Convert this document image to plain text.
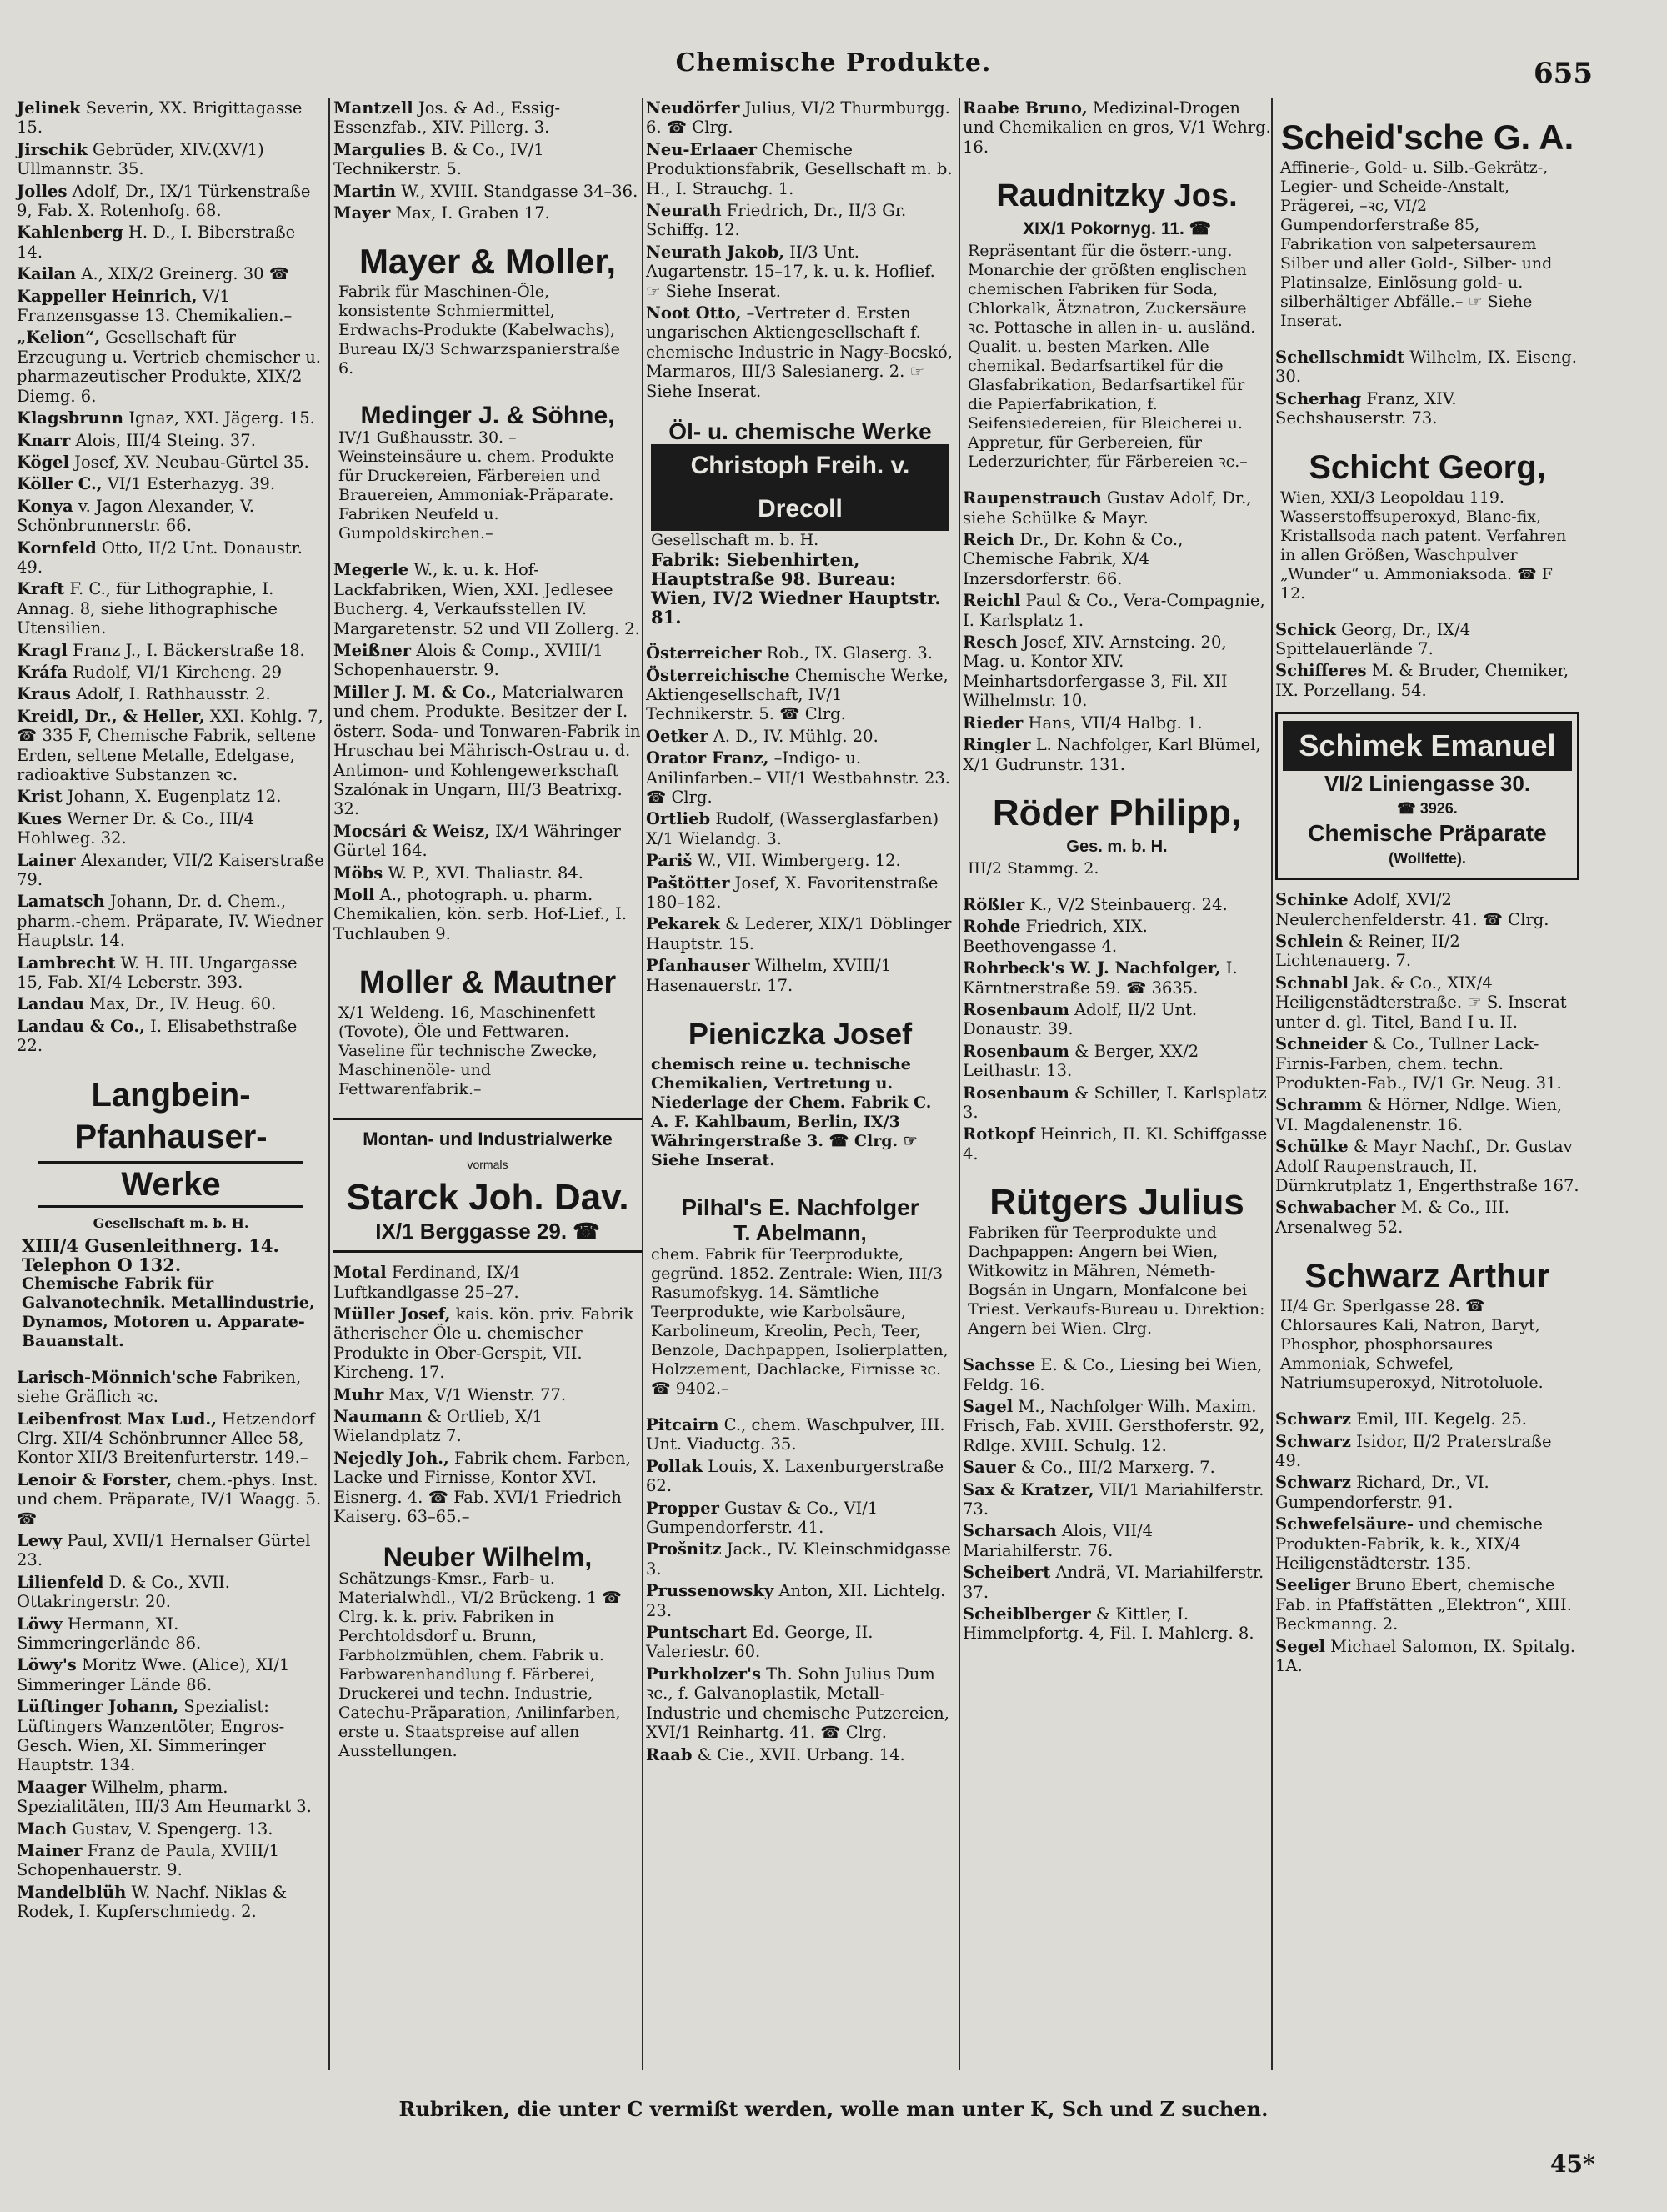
Chemische Produkte.	655
Jelinek Severin, XX. Brigittagasse 15.
Jirschik Gebrüder, XIV.(XV/1) Ullmannstr. 35.
Jolles Adolf, Dr., IX/1 Türkenstraße 9, Fab. X. Rotenhofg. 68.
Kahlenberg H. D., I. Biberstraße 14.
Kailan A., XIX/2 Greinerg. 30 ☎
Kappeller Heinrich, V/1 Franzensgasse 13. Chemikalien.–
„Kelion“, Gesellschaft für Erzeugung u. Vertrieb chemischer u. pharmazeutischer Produkte, XIX/2 Diemg. 6.
Klagsbrunn Ignaz, XXI. Jägerg. 15.
Knarr Alois, III/4 Steing. 37.
Kögel Josef, XV. Neubau-Gürtel 35.
Köller C., VI/1 Esterhazyg. 39.
Konya v. Jagon Alexander, V. Schönbrunnerstr. 66.
Kornfeld Otto, II/2 Unt. Donaustr. 49.
Kraft F. C., für Lithographie, I. Annag. 8, siehe lithographische Utensilien.
Kragl Franz J., I. Bäckerstraße 18.
Kráfa Rudolf, VI/1 Kircheng. 29
Kraus Adolf, I. Rathhausstr. 2.
Kreidl, Dr., & Heller, XXI. Kohlg. 7, ☎ 335 F, Chemische Fabrik, seltene Erden, seltene Metalle, Edelgase, radioaktive Substanzen ꝛc.
Krist Johann, X. Eugenplatz 12.
Kues Werner Dr. & Co., III/4 Hohlweg. 32.
Lainer Alexander, VII/2 Kaiserstraße 79.
Lamatsch Johann, Dr. d. Chem., pharm.-chem. Präparate, IV. Wiedner Hauptstr. 14.
Lambrecht W. H. III. Ungargasse 15, Fab. XI/4 Leberstr. 393.
Landau Max, Dr., IV. Heug. 60.
Landau & Co., I. Elisabethstraße 22.
Langbein-Pfanhauser-
Werke
Gesellschaft m. b. H.
XIII/4 Gusenleithnerg. 14. Telephon O 132.
Chemische Fabrik für Galvanotechnik. Metallindustrie, Dynamos, Motoren u. Apparate-Bauanstalt.
Larisch-Mönnich'sche Fabriken, siehe Gräflich ꝛc.
Leibenfrost Max Lud., Hetzendorf Clrg. XII/4 Schönbrunner Allee 58, Kontor XII/3 Breitenfurterstr. 149.–
Lenoir & Forster, chem.-phys. Inst. und chem. Präparate, IV/1 Waagg. 5. ☎
Lewy Paul, XVII/1 Hernalser Gürtel 23.
Lilienfeld D. & Co., XVII. Ottakringerstr. 20.
Löwy Hermann, XI. Simmeringerlände 86.
Löwy's Moritz Wwe. (Alice), XI/1 Simmeringer Lände 86.
Lüftinger Johann, Spezialist: Lüftingers Wanzentöter, Engros-Gesch. Wien, XI. Simmeringer Hauptstr. 134.
Maager Wilhelm, pharm. Spezialitäten, III/3 Am Heumarkt 3.
Mach Gustav, V. Spengerg. 13.
Mainer Franz de Paula, XVIII/1 Schopenhauerstr. 9.
Mandelblüh W. Nachf. Niklas & Rodek, I. Kupferschmiedg. 2.
Mantzell Jos. & Ad., Essig-Essenzfab., XIV. Pillerg. 3.
Margulies B. & Co., IV/1 Technikerstr. 5.
Martin W., XVIII. Standgasse 34–36.
Mayer Max, I. Graben 17.
Mayer & Moller,
Fabrik für Maschinen-Öle, konsistente Schmiermittel, Erdwachs-Produkte (Kabelwachs), Bureau IX/3 Schwarzspanierstraße 6.
Medinger J. & Söhne,
IV/1 Gußhausstr. 30. –Weinsteinsäure u. chem. Produkte für Druckereien, Färbereien und Brauereien, Ammoniak-Präparate. Fabriken Neufeld u. Gumpoldskirchen.–
Megerle W., k. u. k. Hof-Lackfabriken, Wien, XXI. Jedlesee Bucherg. 4, Verkaufsstellen IV. Margaretenstr. 52 und VII Zollerg. 2.
Meißner Alois & Comp., XVIII/1 Schopenhauerstr. 9.
Miller J. M. & Co., Materialwaren und chem. Produkte. Besitzer der I. österr. Soda- und Tonwaren-Fabrik in Hruschau bei Mährisch-Ostrau u. d. Antimon- und Kohlengewerkschaft Szalónak in Ungarn, III/3 Beatrixg. 32.
Mocsári & Weisz, IX/4 Währinger Gürtel 164.
Möbs W. P., XVI. Thaliastr. 84.
Moll A., photograph. u. pharm. Chemikalien, kön. serb. Hof-Lief., I. Tuchlauben 9.
Moller & Mautner
X/1 Weldeng. 16, Maschinenfett (Tovote), Öle und Fettwaren. Vaseline für technische Zwecke, Maschinenöle- und Fettwarenfabrik.–
Montan- und Industrialwerke
vormals
Starck Joh. Dav.
IX/1 Berggasse 29. ☎
Motal Ferdinand, IX/4 Luftkandlgasse 25–27.
Müller Josef, kais. kön. priv. Fabrik ätherischer Öle u. chemischer Produkte in Ober-Gerspit, VII. Kircheng. 17.
Muhr Max, V/1 Wienstr. 77.
Naumann & Ortlieb, X/1 Wielandplatz 7.
Nejedly Joh., Fabrik chem. Farben, Lacke und Firnisse, Kontor XVI. Eisnerg. 4. ☎ Fab. XVI/1 Friedrich Kaiserg. 63–65.–
Neuber Wilhelm,
Schätzungs-Kmsr., Farb- u. Materialwhdl., VI/2 Brückeng. 1 ☎ Clrg. k. k. priv. Fabriken in Perchtoldsdorf u. Brunn, Farbholzmühlen, chem. Fabrik u. Farbwarenhandlung f. Färberei, Druckerei und techn. Industrie, Catechu-Präparation, Anilinfarben, erste u. Staatspreise auf allen Ausstellungen.
Neudörfer Julius, VI/2 Thurmburgg. 6. ☎ Clrg.
Neu-Erlaaer Chemische Produktionsfabrik, Gesellschaft m. b. H., I. Strauchg. 1.
Neurath Friedrich, Dr., II/3 Gr. Schiffg. 12.
Neurath Jakob, II/3 Unt. Augartenstr. 15–17, k. u. k. Hoflief. ☞ Siehe Inserat.
Noot Otto, –Vertreter d. Ersten ungarischen Aktiengesellschaft f. chemische Industrie in Nagy-Bocskó, Marmaros, III/3 Salesianerg. 2. ☞ Siehe Inserat.
Öl- u. chemische Werke
Christoph Freih. v. Drecoll
Gesellschaft m. b. H.
Fabrik: Siebenhirten, Hauptstraße 98. Bureau: Wien, IV/2 Wiedner Hauptstr. 81.
Österreicher Rob., IX. Glaserg. 3.
Österreichische Chemische Werke, Aktiengesellschaft, IV/1 Technikerstr. 5. ☎ Clrg.
Oetker A. D., IV. Mühlg. 20.
Orator Franz, –Indigo- u. Anilinfarben.– VII/1 Westbahnstr. 23. ☎ Clrg.
Ortlieb Rudolf, (Wasserglasfarben) X/1 Wielandg. 3.
Pariš W., VII. Wimbergerg. 12.
Paštötter Josef, X. Favoritenstraße 180–182.
Pekarek & Lederer, XIX/1 Döblinger Hauptstr. 15.
Pfanhauser Wilhelm, XVIII/1 Hasenauerstr. 17.
Pieniczka Josef
chemisch reine u. technische Chemikalien, Vertretung u. Niederlage der Chem. Fabrik C. A. F. Kahlbaum, Berlin, IX/3 Währingerstraße 3. ☎ Clrg. ☞ Siehe Inserat.
Pilhal's E. Nachfolger
T. Abelmann,
chem. Fabrik für Teerprodukte, gegründ. 1852. Zentrale: Wien, III/3 Rasumofskyg. 14. Sämtliche Teerprodukte, wie Karbolsäure, Karbolineum, Kreolin, Pech, Teer, Benzole, Dachpappen, Isolierplatten, Holzzement, Dachlacke, Firnisse ꝛc. ☎ 9402.–
Pitcairn C., chem. Waschpulver, III. Unt. Viaductg. 35.
Pollak Louis, X. Laxenburgerstraße 62.
Propper Gustav & Co., VI/1 Gumpendorferstr. 41.
Prošnitz Jack., IV. Kleinschmidgasse 3.
Prussenowsky Anton, XII. Lichtelg. 23.
Puntschart Ed. George, II. Valeriestr. 60.
Purkholzer's Th. Sohn Julius Dum ꝛc., f. Galvanoplastik, Metall-Industrie und chemische Putzereien, XVI/1 Reinhartg. 41. ☎ Clrg.
Raab & Cie., XVII. Urbang. 14.
Raabe Bruno, Medizinal-Drogen und Chemikalien en gros, V/1 Wehrg. 16.
Raudnitzky Jos.
XIX/1 Pokornyg. 11. ☎
Repräsentant für die österr.-ung. Monarchie der größten englischen chemischen Fabriken für Soda, Chlorkalk, Ätznatron, Zuckersäure ꝛc. Pottasche in allen in- u. ausländ. Qualit. u. besten Marken. Alle chemikal. Bedarfsartikel für die Glasfabrikation, Bedarfsartikel für die Papierfabrikation, f. Seifensiedereien, für Bleicherei u. Appretur, für Gerbereien, für Lederzurichter, für Färbereien ꝛc.–
Raupenstrauch Gustav Adolf, Dr., siehe Schülke & Mayr.
Reich Dr., Dr. Kohn & Co., Chemische Fabrik, X/4 Inzersdorferstr. 66.
Reichl Paul & Co., Vera-Compagnie, I. Karlsplatz 1.
Resch Josef, XIV. Arnsteing. 20, Mag. u. Kontor XIV. Meinhartsdorfergasse 3, Fil. XII Wilhelmstr. 10.
Rieder Hans, VII/4 Halbg. 1.
Ringler L. Nachfolger, Karl Blümel, X/1 Gudrunstr. 131.
Röder Philipp,
Ges. m. b. H.
III/2 Stammg. 2.
Rößler K., V/2 Steinbauerg. 24.
Rohde Friedrich, XIX. Beethovengasse 4.
Rohrbeck's W. J. Nachfolger, I. Kärntnerstraße 59. ☎ 3635.
Rosenbaum Adolf, II/2 Unt. Donaustr. 39.
Rosenbaum & Berger, XX/2 Leithastr. 13.
Rosenbaum & Schiller, I. Karlsplatz 3.
Rotkopf Heinrich, II. Kl. Schiffgasse 4.
Rütgers Julius
Fabriken für Teerprodukte und Dachpappen: Angern bei Wien, Witkowitz in Mähren, Németh-Bogsán in Ungarn, Monfalcone bei Triest. Verkaufs-Bureau u. Direktion: Angern bei Wien. Clrg.
Sachsse E. & Co., Liesing bei Wien, Feldg. 16.
Sagel M., Nachfolger Wilh. Maxim. Frisch, Fab. XVIII. Gersthoferstr. 92, Rdlge. XVIII. Schulg. 12.
Sauer & Co., III/2 Marxerg. 7.
Sax & Kratzer, VII/1 Mariahilferstr. 73.
Scharsach Alois, VII/4 Mariahilferstr. 76.
Scheibert Andrä, VI. Mariahilferstr. 37.
Scheiblberger & Kittler, I. Himmelpfortg. 4, Fil. I. Mahlerg. 8.
Scheid'sche G. A.
Affinerie-, Gold- u. Silb.-Gekrätz-, Legier- und Scheide-Anstalt, Prägerei, –ꝛc, VI/2 Gumpendorferstraße 85, Fabrikation von salpetersaurem Silber und aller Gold-, Silber- und Platinsalze, Einlösung gold- u. silberhältiger Abfälle.– ☞ Siehe Inserat.
Schellschmidt Wilhelm, IX. Eiseng. 30.
Scherhag Franz, XIV. Sechshauserstr. 73.
Schicht Georg,
Wien, XXI/3 Leopoldau 119. Wasserstoffsuperoxyd, Blanc-fix, Kristallsoda nach patent. Verfahren in allen Größen, Waschpulver „Wunder“ u. Ammoniaksoda. ☎ F 12.
Schick Georg, Dr., IX/4 Spittelauerlände 7.
Schifferes M. & Bruder, Chemiker, IX. Porzellang. 54.
Schimek Emanuel
VI/2 Liniengasse 30.
☎ 3926.
Chemische Präparate
(Wollfette).
Schinke Adolf, XVI/2 Neulerchenfelderstr. 41. ☎ Clrg.
Schlein & Reiner, II/2 Lichtenauerg. 7.
Schnabl Jak. & Co., XIX/4 Heiligenstädterstraße. ☞ S. Inserat unter d. gl. Titel, Band I u. II.
Schneider & Co., Tullner Lack-Firnis-Farben, chem. techn. Produkten-Fab., IV/1 Gr. Neug. 31.
Schramm & Hörner, Ndlge. Wien, VI. Magdalenenstr. 16.
Schülke & Mayr Nachf., Dr. Gustav Adolf Raupenstrauch, II. Dürnkrutplatz 1, Engerthstraße 167.
Schwabacher M. & Co., III. Arsenalweg 52.
Schwarz Arthur
II/4 Gr. Sperlgasse 28. ☎ Chlorsaures Kali, Natron, Baryt, Phosphor, phosphorsaures Ammoniak, Schwefel, Natriumsuperoxyd, Nitrotoluole.
Schwarz Emil, III. Kegelg. 25.
Schwarz Isidor, II/2 Praterstraße 49.
Schwarz Richard, Dr., VI. Gumpendorferstr. 91.
Schwefelsäure- und chemische Produkten-Fabrik, k. k., XIX/4 Heiligenstädterstr. 135.
Seeliger Bruno Ebert, chemische Fab. in Pfaffstätten „Elektron“, XIII. Beckmanng. 2.
Segel Michael Salomon, IX. Spitalg. 1A.
Rubriken, die unter C vermißt werden, wolle man unter K, Sch und Z suchen.
45*
